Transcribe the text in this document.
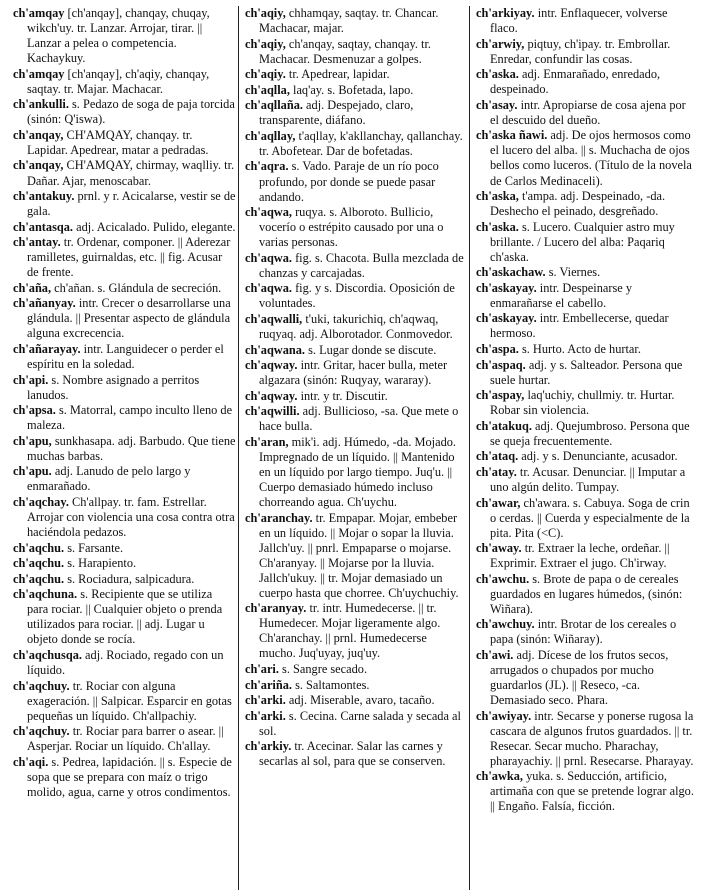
ch'amqay [ch'anqay], chanqay, chuqay, wikch'uy. tr. Lanzar. Arrojar, tirar. || Lanzar a pelea o competencia. Kachaykuy.

ch'amqay [ch'anqay], ch'aqiy, chanqay, saqtay. tr. Majar. Machacar.

ch'ankulli. s. Pedazo de soga de paja torcida (sinón: Q'iswa).

ch'anqay, CH'AMQAY, chanqay. tr. Lapidar. Apedrear, matar a pedradas.

ch'anqay, CH'AMQAY, chirmay, waqlliy. tr. Dañar. Ajar, menoscabar.

ch'antakuy. prnl. y r. Acicalarse, vestir se de gala.

ch'antasqa. adj. Acicalado. Pulido, elegante.

ch'antay. tr. Ordenar, componer. || Aderezar ramilletes, guirnaldas, etc. || fig. Acusar de frente.

ch'aña, ch'añan. s. Glándula de secreción.

ch'añanyay. intr. Crecer o desarrollarse una glándula. || Presentar aspecto de glándula alguna excrecencia.

ch'añarayay. intr. Languidecer o perder el espíritu en la soledad.

ch'api. s. Nombre asignado a perritos lanudos.

ch'apsa. s. Matorral, campo inculto lleno de maleza.

ch'apu, sunkhasapa. adj. Barbudo. Que tiene muchas barbas.

ch'apu. adj. Lanudo de pelo largo y enmarañado.

ch'aqchay. Ch'allpay. tr. fam. Estrellar. Arrojar con violencia una cosa contra otra haciéndola pedazos.

ch'aqchu. s. Farsante.

ch'aqchu. s. Harapiento.

ch'aqchu. s. Rociadura, salpicadura.

ch'aqchuna. s. Recipiente que se utiliza para rociar. || Cualquier objeto o prenda utilizados para rociar. || adj. Lugar u objeto donde se rocía.

ch'aqchusqa. adj. Rociado, regado con un líquido.

ch'aqchuy. tr. Rociar con alguna exageración. || Salpicar. Esparcir en gotas pequeñas un líquido. Ch'allpachiy.

ch'aqchuy. tr. Rociar para barrer o asear. || Asperjar. Rociar un líquido. Ch'allay.

ch'aqi. s. Pedrea, lapidación. || s. Especie de sopa que se prepara con maíz o trigo molido, agua, carne y otros condimentos.

ch'aqiy, chhamqay, saqtay. tr. Chancar. Machacar, majar.

ch'aqiy, ch'anqay, saqtay, chanqay. tr. Machacar. Desmenuzar a golpes.

ch'aqiy. tr. Apedrear, lapidar.

ch'aqlla, laq'ay. s. Bofetada, lapo.

ch'aqllaña. adj. Despejado, claro, transparente, diáfano.

ch'aqllay, t'aqllay, k'akllanchay, qallanchay. tr. Abofetear. Dar de bofetadas.

ch'aqra. s. Vado. Paraje de un río poco profundo, por donde se puede pasar andando.

ch'aqwa, ruqya. s. Alboroto. Bullicio, vocerío o estrépito causado por una o varias personas.

ch'aqwa. fig. s. Chacota. Bulla mezclada de chanzas y carcajadas.

ch'aqwa. fig. y s. Discordia. Oposición de voluntades.

ch'aqwalli, t'uki, takurichiq, ch'aqwaq, ruqyaq. adj. Alborotador. Conmovedor.

ch'aqwana. s. Lugar donde se discute.

ch'aqway. intr. Gritar, hacer bulla, meter algazara (sinón: Ruqyay, wararay).

ch'aqway. intr. y tr. Discutir.

ch'aqwilli. adj. Bullicioso, -sa. Que mete o hace bulla.

ch'aran, mik'i. adj. Húmedo, -da. Mojado. Impregnado de un líquido. || Mantenido en un líquido por largo tiempo. Juq'u. || Cuerpo demasiado húmedo incluso chorreando agua. Ch'uychu.

ch'aranchay. tr. Empapar. Mojar, embeber en un líquido. || Mojar o sopar la lluvia. Jallch'uy. || pnrl. Empaparse o mojarse. Ch'aranyay. || Mojarse por la lluvia. Jallch'ukuy. || tr. Mojar demasiado un cuerpo hasta que chorree. Ch'uychuchiy.

ch'aranyay. tr. intr. Humedecerse. || tr. Humedecer. Mojar ligeramente algo. Ch'aranchay. || prnl. Humedecerse mucho. Juq'uyay, juq'uy.

ch'ari. s. Sangre secado.

ch'ariña. s. Saltamontes.

ch'arki. adj. Miserable, avaro, tacaño.

ch'arki. s. Cecina. Carne salada y secada al sol.

ch'arkiy. tr. Acecinar. Salar las carnes y secarlas al sol, para que se conserven.

ch'arkiyay. intr. Enflaquecer, volverse flaco.

ch'arwiy, piqtuy, ch'ipay. tr. Embrollar. Enredar, confundir las cosas.

ch'aska. adj. Enmarañado, enredado, despeinado.

ch'asay. intr. Apropiarse de cosa ajena por el descuido del dueño.

ch'aska ñawi. adj. De ojos hermosos como el lucero del alba. || s. Muchacha de ojos bellos como luceros. (Título de la novela de Carlos Medinaceli).

ch'aska, t'ampa. adj. Despeinado, -da. Deshecho el peinado, desgreñado.

ch'aska. s. Lucero. Cualquier astro muy brillante. / Lucero del alba: Paqariq ch'aska.

ch'askachaw. s. Viernes.

ch'askayay. intr. Despeinarse y enmarañarse el cabello.

ch'askayay. intr. Embellecerse, quedar hermoso.

ch'aspa. s. Hurto. Acto de hurtar.

ch'aspaq. adj. y s. Salteador. Persona que suele hurtar.

ch'aspay, laq'uchiy, chullmiy. tr. Hurtar. Robar sin violencia.

ch'atakuq. adj. Quejumbroso. Persona que se queja frecuentemente.

ch'ataq. adj. y s. Denunciante, acusador.

ch'atay. tr. Acusar. Denunciar. || Imputar a uno algún delito. Tumpay.

ch'awar, ch'awara. s. Cabuya. Soga de crin o cerdas. || Cuerda y especialmente de la pita. Pita (<C).

ch'away. tr. Extraer la leche, ordeñar. || Exprimir. Extraer el jugo. Ch'irway.

ch'awchu. s. Brote de papa o de cereales guardados en lugares húmedos, (sinón: Wiñara).

ch'awchuy. intr. Brotar de los cereales o papa (sinón: Wiñaray).

ch'awi. adj. Dícese de los frutos secos, arrugados o chupados por mucho guardarlos (JL). || Reseco, -ca. Demasiado seco. Phara.

ch'awiyay. intr. Secarse y ponerse rugosa la cascara de algunos frutos guardados. || tr. Resecar. Secar mucho. Pharachay, pharayachiy. || prnl. Resecarse. Pharayay.

ch'awka, yuka. s. Seducción, artificio, artimaña con que se pretende lograr algo. || Engaño. Falsía, ficción.
